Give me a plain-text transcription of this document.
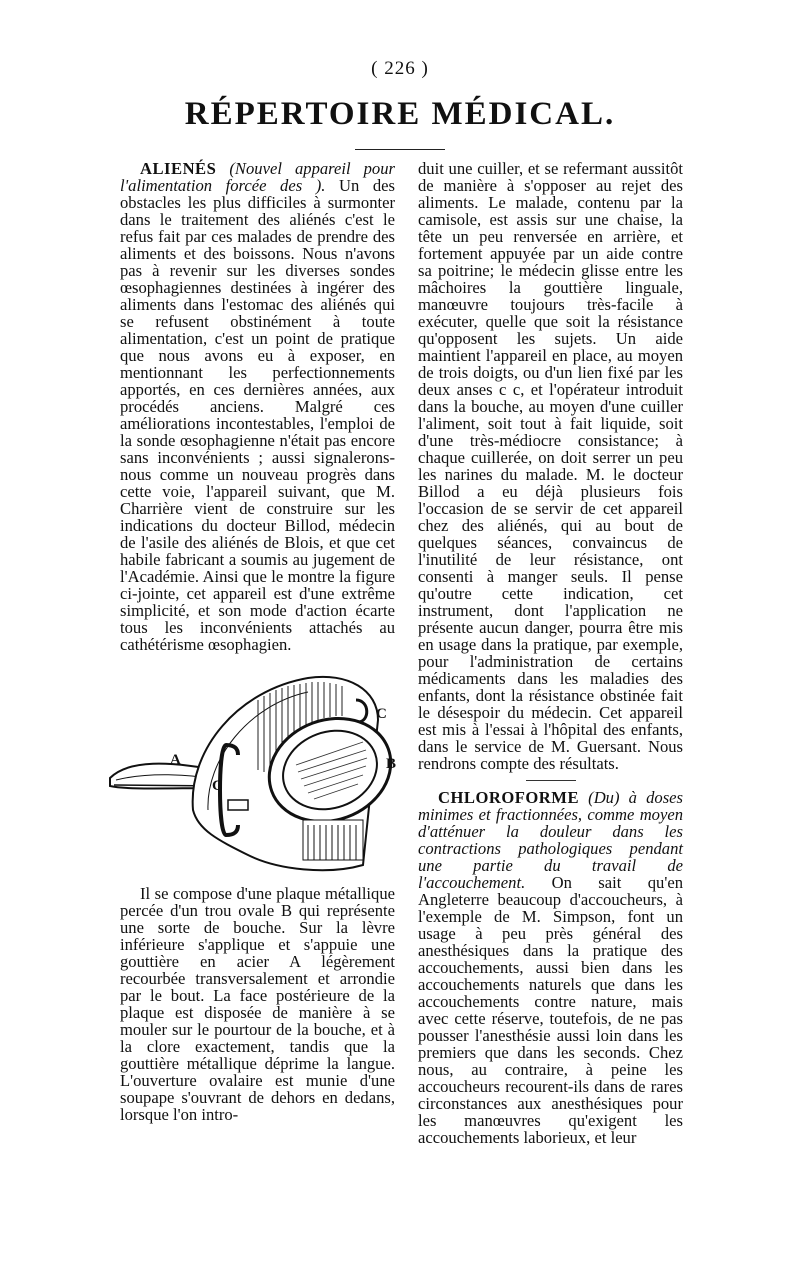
( 226 )
RÉPERTOIRE MÉDICAL.

ALIENÉS (Nouvel appareil pour l'alimentation forcée des ). Un des obstacles les plus difficiles à surmonter dans le traitement des aliénés c'est le refus fait par ces malades de prendre des aliments et des boissons. Nous n'avons pas à revenir sur les diverses sondes œsophagiennes destinées à ingérer des aliments dans l'estomac des aliénés qui se refusent obstinément à toute alimentation, c'est un point de pratique que nous avons eu à exposer, en mentionnant les perfectionnements apportés, en ces dernières années, aux procédés anciens. Malgré ces améliorations incontestables, l'emploi de la sonde œsophagienne n'était pas encore sans inconvénients ; aussi signalerons-nous comme un nouveau progrès dans cette voie, l'appareil suivant, que M. Charrière vient de construire sur les indications du docteur Billod, médecin de l'asile des aliénés de Blois, et que cet habile fabricant a soumis au jugement de l'Académie. Ainsi que le montre la figure ci-jointe, cet appareil est d'une extrême simplicité, et son mode d'action écarte tous les inconvénients attachés au cathétérisme œsophagien.

A
C
C
B

Il se compose d'une plaque métallique percée d'un trou ovale B qui représente une sorte de bouche. Sur la lèvre inférieure s'applique et s'appuie une gouttière en acier A légèrement recourbée transversalement et arrondie par le bout. La face postérieure de la plaque est disposée de manière à se mouler sur le pourtour de la bouche, et à la clore exactement, tandis que la gouttière métallique déprime la langue. L'ouverture ovalaire est munie d'une soupape s'ouvrant de dehors en dedans, lorsque l'on intro-

duit une cuiller, et se refermant aussitôt de manière à s'opposer au rejet des aliments. Le malade, contenu par la camisole, est assis sur une chaise, la tête un peu renversée en arrière, et fortement appuyée par un aide contre sa poitrine; le médecin glisse entre les mâchoires la gouttière linguale, manœuvre toujours très-facile à exécuter, quelle que soit la résistance qu'opposent les sujets. Un aide maintient l'appareil en place, au moyen de trois doigts, ou d'un lien fixé par les deux anses c c, et l'opérateur introduit dans la bouche, au moyen d'une cuiller l'aliment, soit tout à fait liquide, soit d'une très-médiocre consistance; à chaque cuillerée, on doit serrer un peu les narines du malade. M. le docteur Billod a eu déjà plusieurs fois l'occasion de se servir de cet appareil chez des aliénés, qui au bout de quelques séances, convaincus de l'inutilité de leur résistance, ont consenti à manger seuls. Il pense qu'outre cette indication, cet instrument, dont l'application ne présente aucun danger, pourra être mis en usage dans la pratique, par exemple, pour l'administration de certains médicaments dans les maladies des enfants, dont la résistance obstinée fait le désespoir du médecin. Cet appareil est mis à l'essai à l'hôpital des enfants, dans le service de M. Guersant. Nous rendrons compte des résultats.

CHLOROFORME (Du) à doses minimes et fractionnées, comme moyen d'atténuer la douleur dans les contractions pathologiques pendant une partie du travail de l'accouchement. On sait qu'en Angleterre beaucoup d'accoucheurs, à l'exemple de M. Simpson, font un usage à peu près général des anesthésiques dans la pratique des accouchements, aussi bien dans les accouchements naturels que dans les accouchements contre nature, mais avec cette réserve, toutefois, de ne pas pousser l'anesthésie aussi loin dans les premiers que dans les seconds. Chez nous, au contraire, à peine les accoucheurs recourent-ils dans de rares circonstances aux anesthésiques pour les manœuvres qu'exigent les accouchements laborieux, et leur
